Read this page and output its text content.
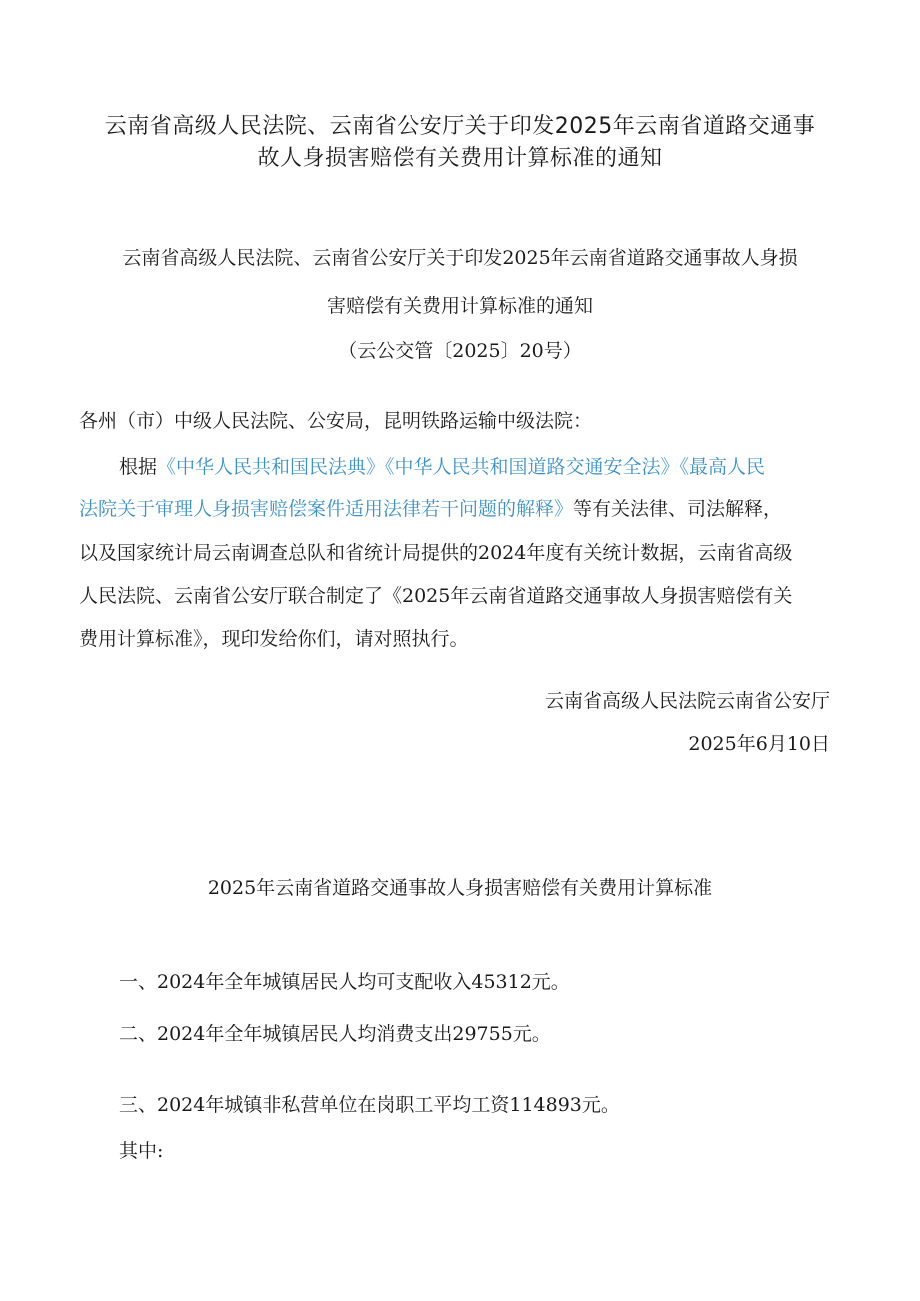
云南省高级人民法院、云南省公安厅关于印发2025年云南省道路交通事
故人身损害赔偿有关费用计算标准的通知
云南省高级人民法院、云南省公安厅关于印发2025年云南省道路交通事故人身损
害赔偿有关费用计算标准的通知
（云公交管〔2025〕20号）
各州（市）中级人民法院、公安局，昆明铁路运输中级法院：
根据《中华人民共和国民法典》《中华人民共和国道路交通安全法》《最高人民
法院关于审理人身损害赔偿案件适用法律若干问题的解释》等有关法律、司法解释，
以及国家统计局云南调查总队和省统计局提供的2024年度有关统计数据，云南省高级
人民法院、云南省公安厅联合制定了《2025年云南省道路交通事故人身损害赔偿有关
费用计算标准》，现印发给你们，请对照执行。
云南省高级人民法院云南省公安厅
2025年6月10日
2025年云南省道路交通事故人身损害赔偿有关费用计算标准
一、2024年全年城镇居民人均可支配收入45312元。
二、2024年全年城镇居民人均消费支出29755元。
三、2024年城镇非私营单位在岗职工平均工资114893元。
其中:
